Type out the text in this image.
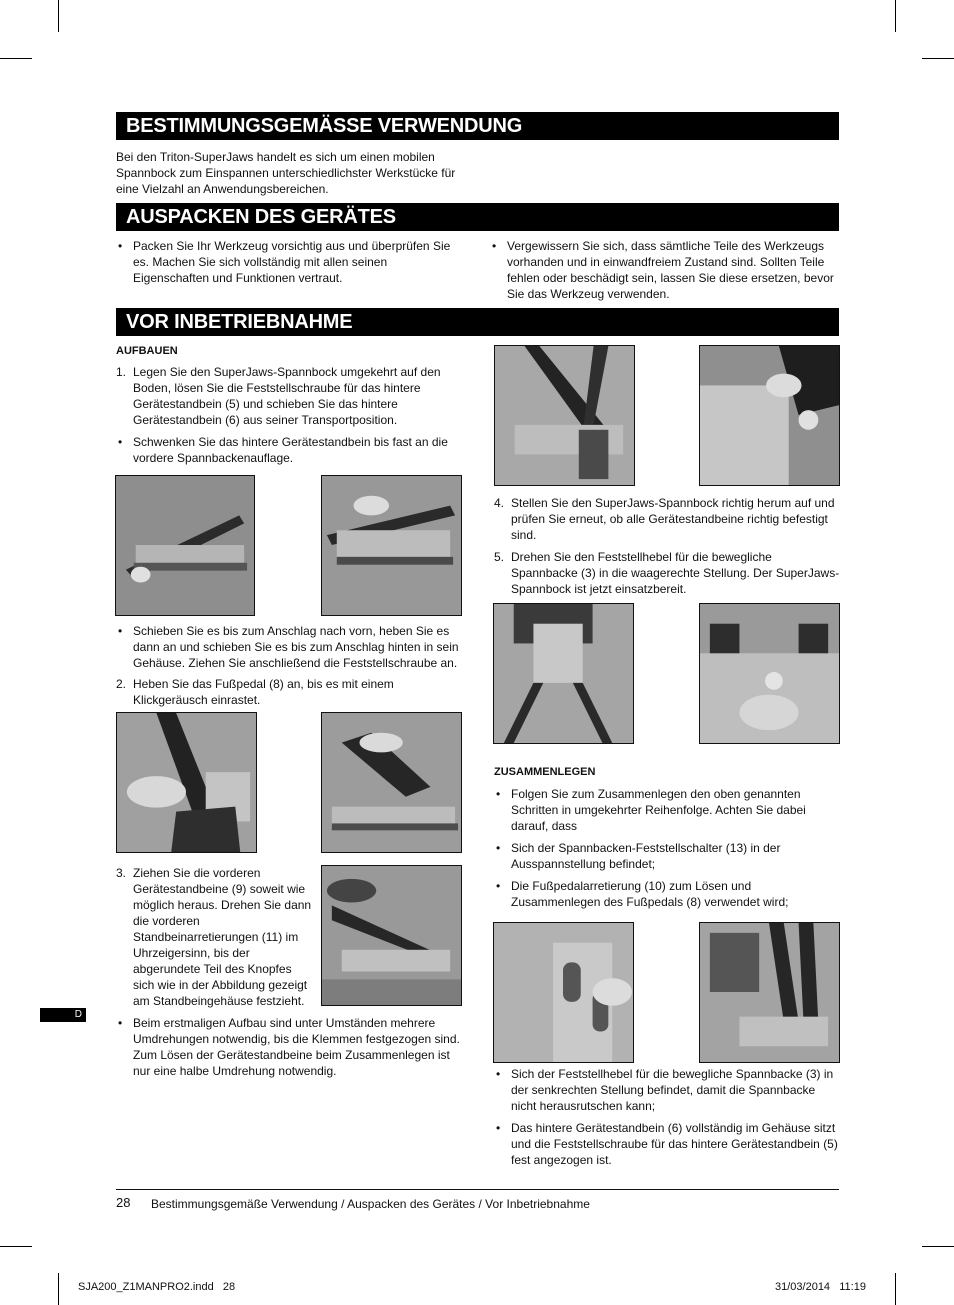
BESTIMMUNGSGEMÄSSE VERWENDUNG
Bei den Triton-SuperJaws handelt es sich um einen mobilen Spannbock zum Einspannen unterschiedlichster Werkstücke für eine Vielzahl an Anwendungsbereichen.
AUSPACKEN DES GERÄTES
• Packen Sie Ihr Werkzeug vorsichtig aus und überprüfen Sie es. Machen Sie sich vollständig mit allen seinen Eigenschaften und Funktionen vertraut.
• Vergewissern Sie sich, dass sämtliche Teile des Werkzeugs vorhanden und in einwandfreiem Zustand sind. Sollten Teile fehlen oder beschädigt sein, lassen Sie diese ersetzen, bevor Sie das Werkzeug verwenden.
VOR INBETRIEBNAHME
AUFBAUEN
1. Legen Sie den SuperJaws-Spannbock umgekehrt auf den Boden, lösen Sie die Feststellschraube für das hintere Gerätestandbein (5) und schieben Sie das hintere Gerätestandbein (6) aus seiner Transportposition.
• Schwenken Sie das hintere Gerätestandbein bis fast an die vordere Spannbackenauflage.
• Schieben Sie es bis zum Anschlag nach vorn, heben Sie es dann an und schieben Sie es bis zum Anschlag hinten in sein Gehäuse. Ziehen Sie anschließend die Feststellschraube an.
2. Heben Sie das Fußpedal (8) an, bis es mit einem Klickgeräusch einrastet.
3. Ziehen Sie die vorderen Gerätestandbeine (9) soweit wie möglich heraus. Drehen Sie dann die vorderen Standbeinarretierungen (11) im Uhrzeigersinn, bis der abgerundete Teil des Knopfes sich wie in der Abbildung gezeigt am Standbeingehäuse festzieht.
• Beim erstmaligen Aufbau sind unter Umständen mehrere Umdrehungen notwendig, bis die Klemmen festgezogen sind. Zum Lösen der Gerätestandbeine beim Zusammenlegen ist nur eine halbe Umdrehung notwendig.
4. Stellen Sie den SuperJaws-Spannbock richtig herum auf und prüfen Sie erneut, ob alle Gerätestandbeine richtig befestigt sind.
5. Drehen Sie den Feststellhebel für die bewegliche Spannbacke (3) in die waagerechte Stellung. Der SuperJaws-Spannbock ist jetzt einsatzbereit.
ZUSAMMENLEGEN
• Folgen Sie zum Zusammenlegen den oben genannten Schritten in umgekehrter Reihenfolge. Achten Sie dabei darauf, dass
• Sich der Spannbacken-Feststellschalter (13) in der Ausspannstellung befindet;
• Die Fußpedalarretierung (10) zum Lösen und Zusammenlegen des Fußpedals (8) verwendet wird;
• Sich der Feststellhebel für die bewegliche Spannbacke (3) in der senkrechten Stellung befindet, damit die Spannbacke nicht herausrutschen kann;
• Das hintere Gerätestandbein (6) vollständig im Gehäuse sitzt und die Feststellschraube für das hintere Gerätestandbein (5) fest angezogen ist.
D
28 Bestimmungsgemäße Verwendung / Auspacken des Gerätes / Vor Inbetriebnahme
SJA200_Z1MANPRO2.indd   28	31/03/2014   11:19
